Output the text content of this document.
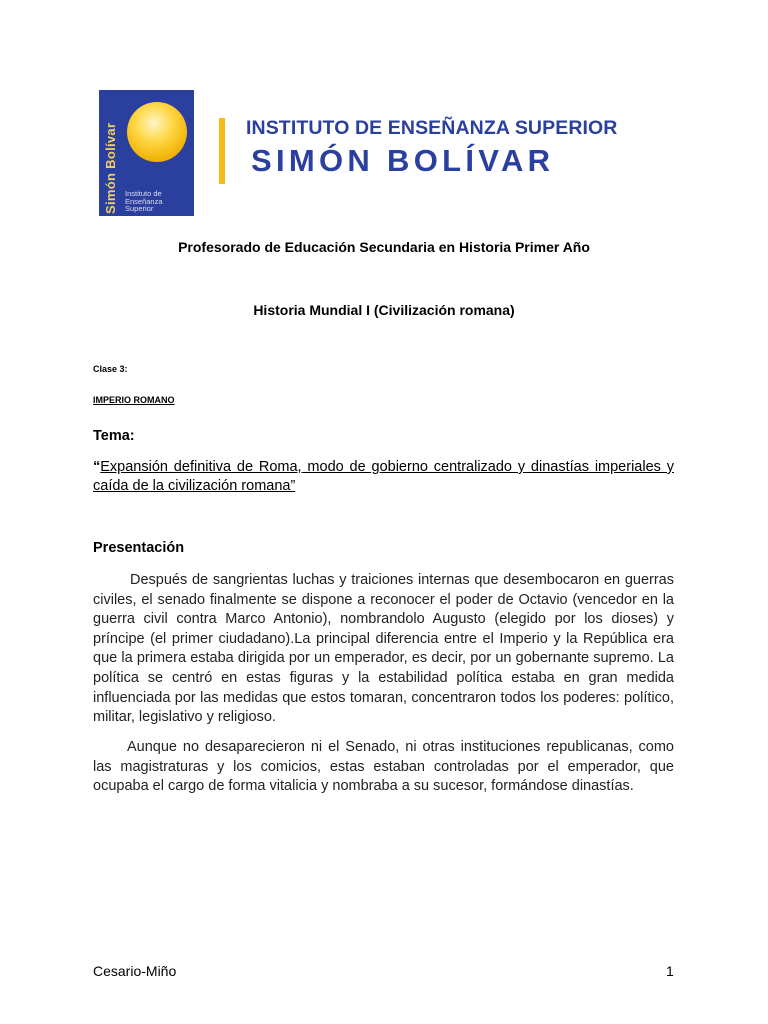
Simón Bolívar Instituto de Enseñanza Superior
INSTITUTO DE ENSEÑANZA SUPERIOR
SIMÓN BOLÍVAR
Profesorado de Educación Secundaria en Historia Primer Año
Historia Mundial I (Civilización romana)
Clase 3:
IMPERIO ROMANO
Tema:
“Expansión definitiva de Roma, modo de gobierno centralizado y dinastías imperiales y caída de la civilización romana”
Presentación
Después de sangrientas luchas y traiciones internas que desembocaron en guerras civiles, el senado finalmente se dispone a reconocer el poder de Octavio (vencedor en la guerra civil contra Marco Antonio), nombrandolo Augusto (elegido por los dioses) y príncipe (el primer ciudadano).La principal diferencia entre el Imperio y la República era que la primera estaba dirigida por un emperador, es decir, por un gobernante supremo. La política se centró en estas figuras y la estabilidad política estaba en gran medida influenciada por las medidas que estos tomaran, concentraron todos los poderes: político, militar, legislativo y religioso.
Aunque no desaparecieron ni el Senado, ni otras instituciones republicanas, como las magistraturas y los comicios, estas estaban controladas por el emperador, que ocupaba el cargo de forma vitalicia y nombraba a su sucesor, formándose dinastías.
Cesario-Miño	1
